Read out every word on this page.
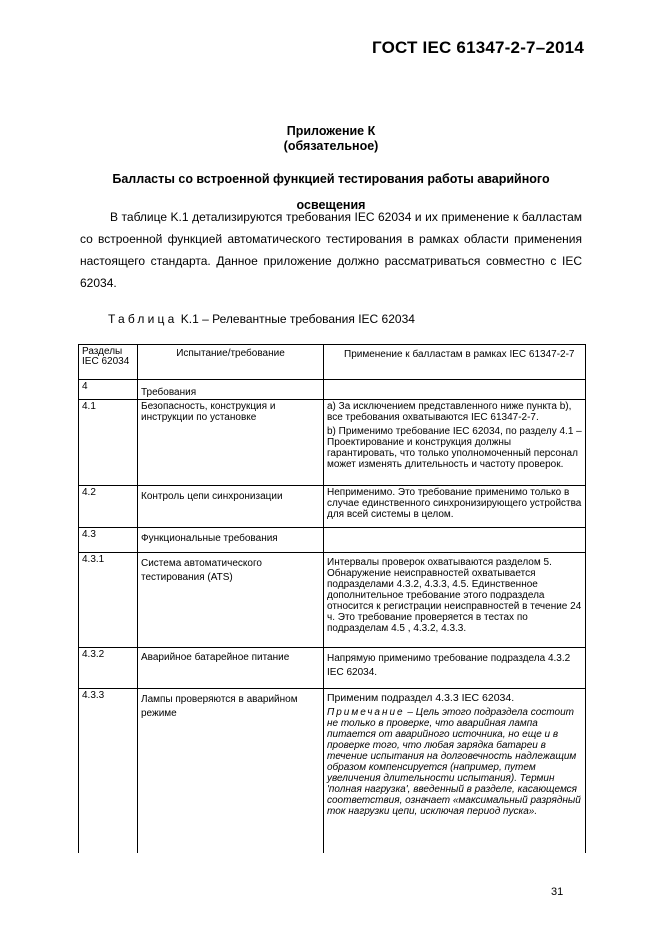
ГОСТ IEC 61347-2-7–2014
Приложение К
(обязательное)
Балласты со встроенной функцией тестирования работы аварийного освещения
В таблице K.1 детализируются требования IEC 62034 и их применение к балластам со встроенной функцией автоматического тестирования в рамках области применения настоящего стандарта. Данное приложение должно рассматриваться совместно с IEC 62034.
Таблица K.1 – Релевантные требования IEC 62034
Разделы IEC 62034	Испытание/требование	Применение к балластам в рамках IEC 61347-2-7
4	Требования	

4.1	Безопасность, конструкция и инструкции по установке	a) За исключением представленного ниже пункта b), все требования охватываются IEC 61347-2-7.
b) Применимо требование IEC 62034, по разделу 4.1 – Проектирование и конструкция должны гарантировать, что только уполномоченный персонал может изменять длительность и частоту проверок.

4.2	Контроль цепи синхронизации	Неприменимо. Это требование применимо только в случае единственного синхронизирующего устройства для всей системы в целом.
4.3	Функциональные требования	
4.3.1	Система автоматического тестирования (ATS)	Интервалы проверок охватываются разделом 5. Обнаружение неисправностей охватывается подразделами 4.3.2, 4.3.3, 4.5. Единственное дополнительное требование этого подраздела относится к регистрации неисправностей в течение 24 ч. Это требование проверяется в тестах по подразделам 4.5 , 4.3.2, 4.3.3.
4.3.2	Аварийное батарейное питание	Напрямую применимо требование подраздела 4.3.2 IEC 62034.
4.3.3	Лампы проверяются в аварийном режиме	Применим подраздел 4.3.3 IEC 62034.
Примечание – Цель этого подраздела состоит не только в проверке, что аварийная лампа питается от аварийного источника, но еще и в проверке того, что любая зарядка батареи в течение испытания на долговечность надлежащим образом компенсируется (например, путем увеличения длительности испытания). Термин 'полная нагрузка', введенный в разделе, касающемся соответствия, означает «максимальный разрядный ток нагрузки цепи, исключая период пуска».
31
